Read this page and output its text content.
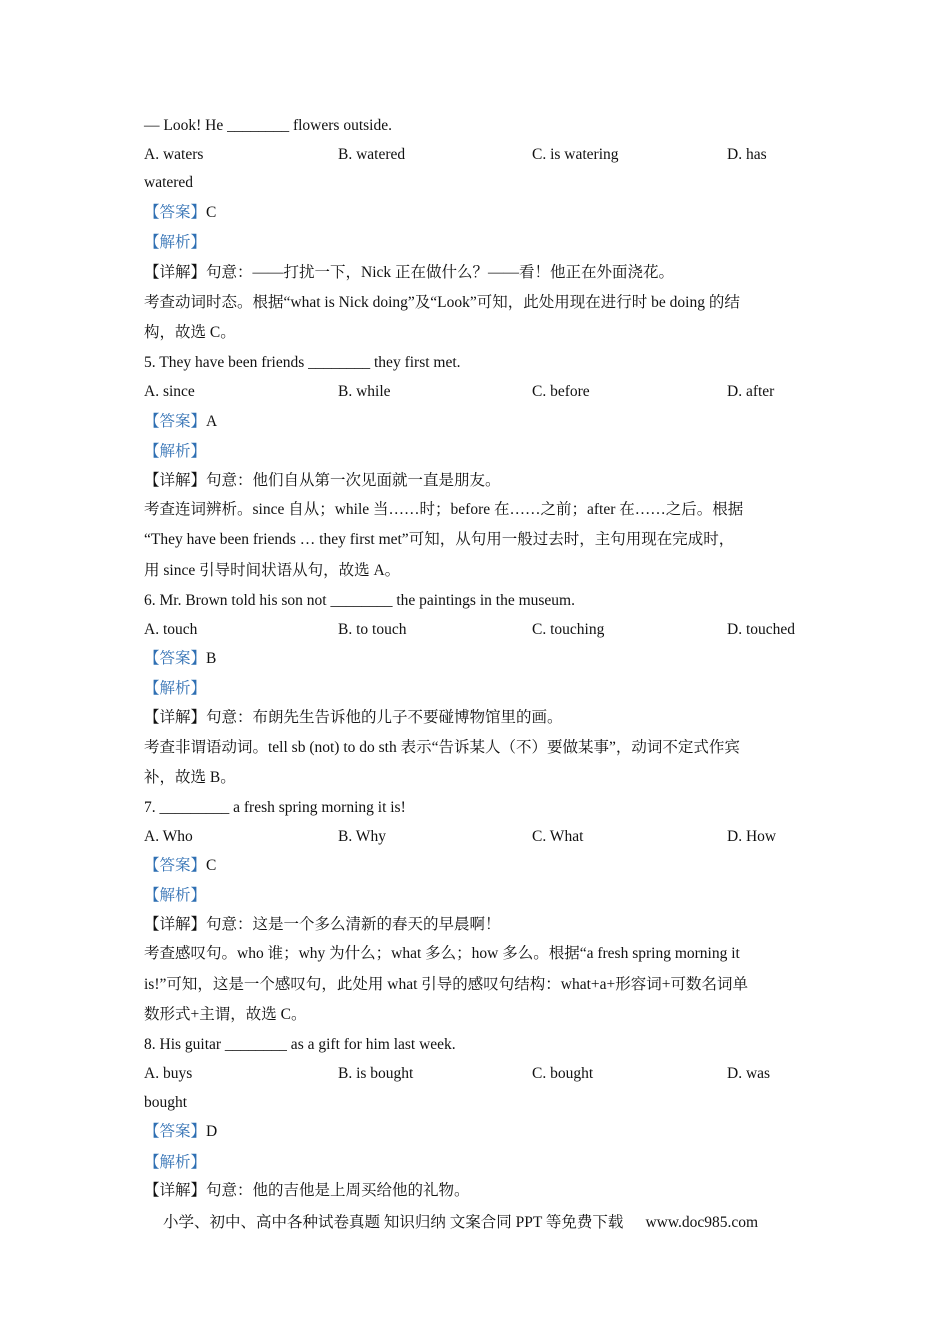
— Look! He ________ flowers outside.
A. waters	B. watered	C. is watering	D. has
watered
【答案】C
【解析】
【详解】句意：——打扰一下，Nick 正在做什么？——看！他正在外面浇花。
考查动词时态。根据“what is Nick doing”及“Look”可知，此处用现在进行时 be doing 的结
构，故选 C。
5. They have been friends ________ they first met.
A. since	B. while	C. before	D. after
【答案】A
【解析】
【详解】句意：他们自从第一次见面就一直是朋友。
考查连词辨析。since 自从；while 当……时；before 在……之前；after 在……之后。根据
“They have been friends … they first met”可知，从句用一般过去时，主句用现在完成时，
用 since 引导时间状语从句，故选 A。
6. Mr. Brown told his son not ________ the paintings in the museum.
A. touch	B. to touch	C. touching	D. touched
【答案】B
【解析】
【详解】句意：布朗先生告诉他的儿子不要碰博物馆里的画。
考查非谓语动词。tell sb (not) to do sth 表示“告诉某人（不）要做某事”，动词不定式作宾
补，故选 B。
7. _________ a fresh spring morning it is!
A. Who	B. Why	C. What	D. How
【答案】C
【解析】
【详解】句意：这是一个多么清新的春天的早晨啊！
考查感叹句。who 谁；why 为什么；what 多么；how 多么。根据“a fresh spring morning it
is!”可知，这是一个感叹句，此处用 what 引导的感叹句结构：what+a+形容词+可数名词单
数形式+主谓，故选 C。
8. His guitar ________ as a gift for him last week.
A. buys	B. is bought	C. bought	D. was
bought
【答案】D
【解析】
【详解】句意：他的吉他是上周买给他的礼物。
小学、初中、高中各种试卷真题 知识归纳 文案合同 PPT 等免费下载 www.doc985.com
